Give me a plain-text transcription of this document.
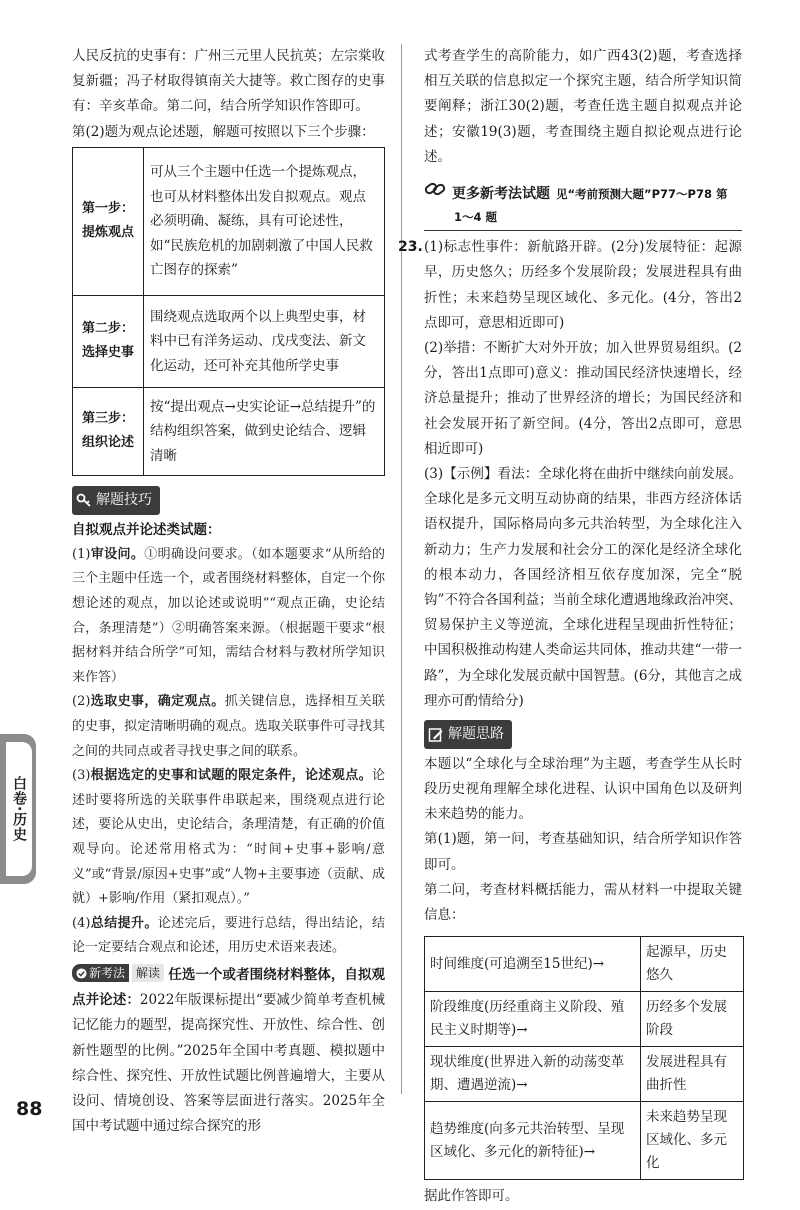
人民反抗的史事有：广州三元里人民抗英；左宗棠收复新疆；冯子材取得镇南关大捷等。救亡图存的史事有：辛亥革命。第二问，结合所学知识作答即可。

第(2)题为观点论述题，解题可按照以下三个步骤：

第一步：提炼观点	可从三个主题中任选一个提炼观点，也可从材料整体出发自拟观点。观点必须明确、凝练，具有可论述性，如“民族危机的加剧刺激了中国人民救亡图存的探索”
第二步：选择史事	围绕观点选取两个以上典型史事，材料中已有洋务运动、戊戌变法、新文化运动，还可补充其他所学史事
第三步：组织论述	按“提出观点→史实论证→总结提升”的结构组织答案，做到史论结合、逻辑清晰
解题技巧

自拟观点并论述类试题：

(1)审设问。①明确设问要求。（如本题要求“从所给的三个主题中任选一个，或者围绕材料整体，自定一个你想论述的观点，加以论述或说明”“观点正确，史论结合，条理清楚”）②明确答案来源。（根据题干要求“根据材料并结合所学”可知，需结合材料与教材所学知识来作答）

(2)选取史事，确定观点。抓关键信息，选择相互关联的史事，拟定清晰明确的观点。选取关联事件可寻找其之间的共同点或者寻找史事之间的联系。

(3)根据选定的史事和试题的限定条件，论述观点。论述时要将所选的关联事件串联起来，围绕观点进行论述，要论从史出，史论结合，条理清楚，有正确的价值观导向。论述常用格式为：“时间+史事+影响/意义”或“背景/原因+史事”或“人物+主要事迹（贡献、成就）+影响/作用（紧扣观点）。”

(4)总结提升。论述完后，要进行总结，得出结论，结论一定要结合观点和论述，用历史术语来表述。

新考法 解读 任选一个或者围绕材料整体，自拟观点并论述：2022年版课标提出“要减少简单考查机械记忆能力的题型，提高探究性、开放性、综合性、创新性题型的比例。”2025年全国中考真题、模拟题中综合性、探究性、开放性试题比例普遍增大，主要从设问、情境创设、答案等层面进行落实。2025年全国中考试题中通过综合探究的形

式考查学生的高阶能力，如广西43(2)题，考查选择相互关联的信息拟定一个探究主题，结合所学知识简要阐释；浙江30(2)题，考查任选主题自拟观点并论述；安徽19(3)题，考查围绕主题自拟论观点进行论述。

更多新考法试题 见“考前预测大题”P77～P78 第
1～4 题
23. (1)标志性事件：新航路开辟。(2分)发展特征：起源早，历史悠久；历经多个发展阶段；发展进程具有曲折性；未来趋势呈现区域化、多元化。(4分，答出2点即可，意思相近即可)

(2)举措：不断扩大对外开放；加入世界贸易组织。(2分，答出1点即可)意义：推动国民经济快速增长，经济总量提升；推动了世界经济的增长；为国民经济和社会发展开拓了新空间。(4分，答出2点即可，意思相近即可)

(3)【示例】看法：全球化将在曲折中继续向前发展。全球化是多元文明互动协商的结果，非西方经济体话语权提升，国际格局向多元共治转型，为全球化注入新动力；生产力发展和社会分工的深化是经济全球化的根本动力，各国经济相互依存度加深，完全“脱钩”不符合各国利益；当前全球化遭遇地缘政治冲突、贸易保护主义等逆流，全球化进程呈现曲折性特征；中国积极推动构建人类命运共同体，推动共建“一带一路”，为全球化发展贡献中国智慧。(6分，其他言之成理亦可酌情给分)

解题思路

本题以“全球化与全球治理”为主题，考查学生从长时段历史视角理解全球化进程、认识中国角色以及研判未来趋势的能力。

第(1)题，第一问，考查基础知识，结合所学知识作答即可。

第二问，考查材料概括能力，需从材料一中提取关键信息：

时间维度(可追溯至15世纪)→	起源早，历史悠久
阶段维度(历经重商主义阶段、殖民主义时期等)→	历经多个发展阶段
现状维度(世界进入新的动荡变革期、遭遇逆流)→	发展进程具有曲折性
趋势维度(向多元共治转型、呈现区域化、多元化的新特征)→	未来趋势呈现区域化、多元化

据此作答即可。

白卷·历史
88
